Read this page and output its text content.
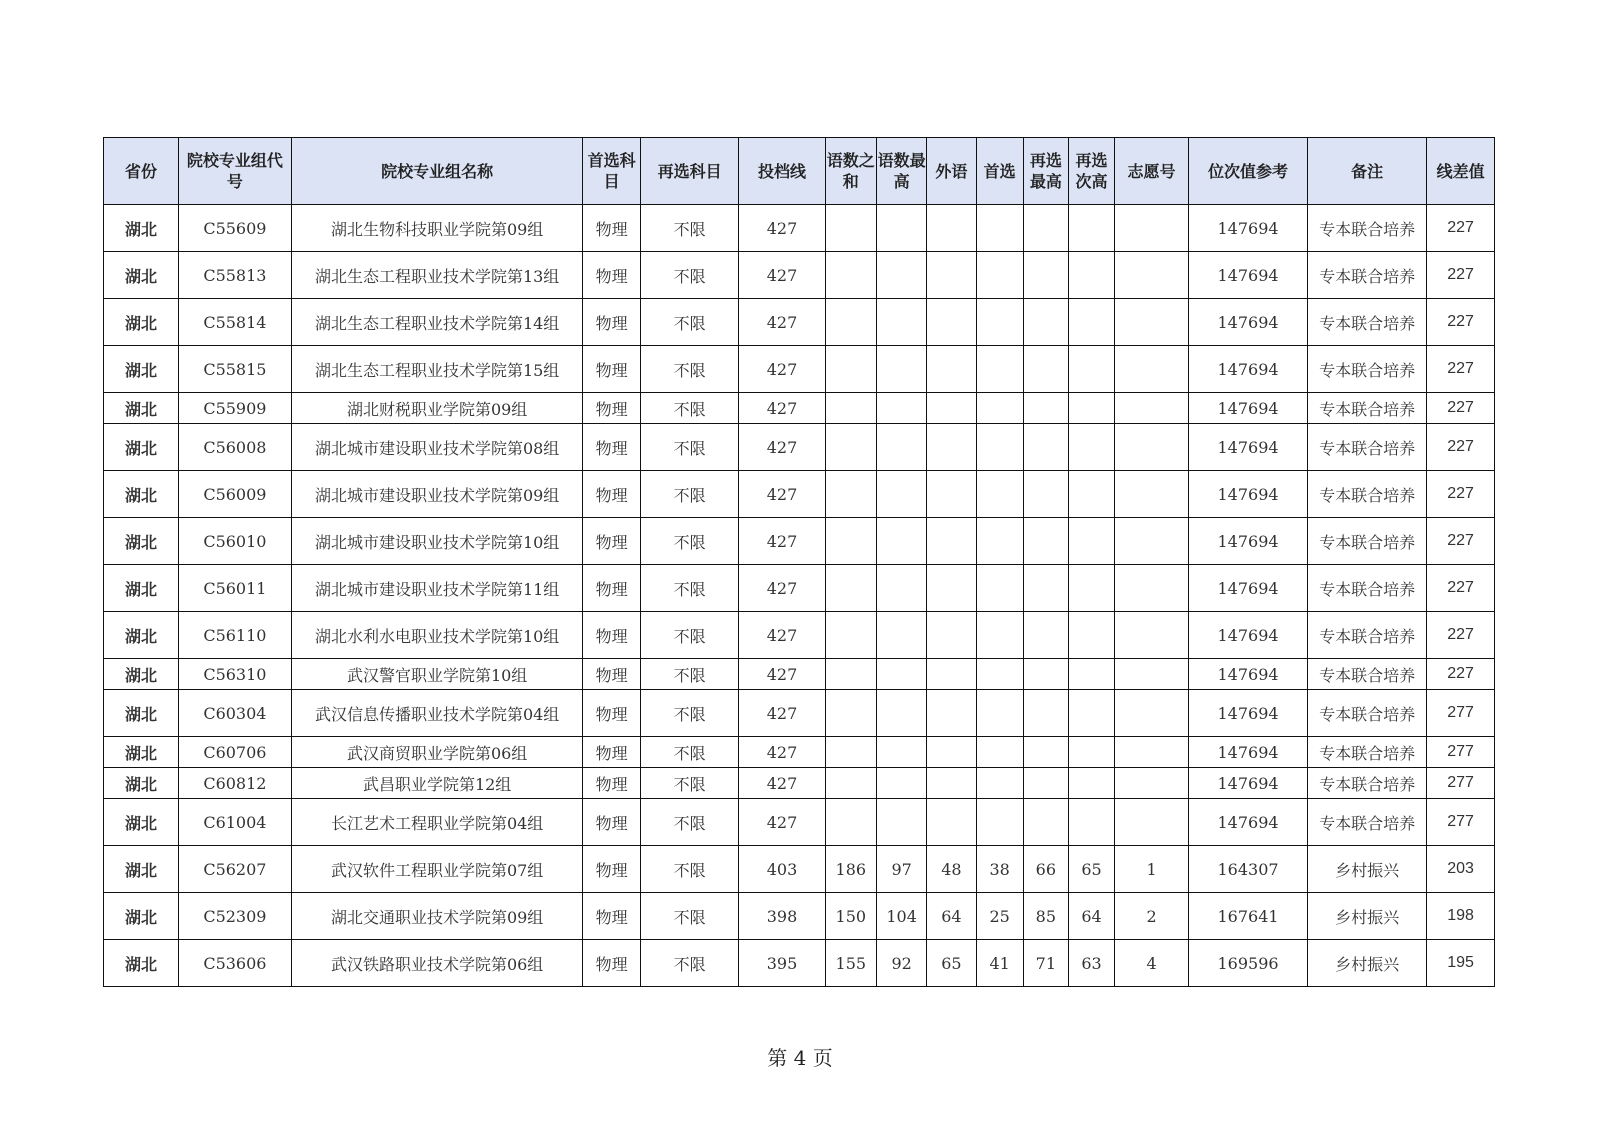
省份	院校专业组代号	院校专业组名称	首选科目	再选科目	投档线	语数之和	语数最高	外语	首选	再选最高	再选次高	志愿号	位次值参考	备注	线差值
湖北	C55609	湖北生物科技职业学院第09组	物理	不限	427								147694	专本联合培养	227
湖北	C55813	湖北生态工程职业技术学院第13组	物理	不限	427								147694	专本联合培养	227
湖北	C55814	湖北生态工程职业技术学院第14组	物理	不限	427								147694	专本联合培养	227
湖北	C55815	湖北生态工程职业技术学院第15组	物理	不限	427								147694	专本联合培养	227
湖北	C55909	湖北财税职业学院第09组	物理	不限	427								147694	专本联合培养	227
湖北	C56008	湖北城市建设职业技术学院第08组	物理	不限	427								147694	专本联合培养	227
湖北	C56009	湖北城市建设职业技术学院第09组	物理	不限	427								147694	专本联合培养	227
湖北	C56010	湖北城市建设职业技术学院第10组	物理	不限	427								147694	专本联合培养	227
湖北	C56011	湖北城市建设职业技术学院第11组	物理	不限	427								147694	专本联合培养	227
湖北	C56110	湖北水利水电职业技术学院第10组	物理	不限	427								147694	专本联合培养	227
湖北	C56310	武汉警官职业学院第10组	物理	不限	427								147694	专本联合培养	227
湖北	C60304	武汉信息传播职业技术学院第04组	物理	不限	427								147694	专本联合培养	277
湖北	C60706	武汉商贸职业学院第06组	物理	不限	427								147694	专本联合培养	277
湖北	C60812	武昌职业学院第12组	物理	不限	427								147694	专本联合培养	277
湖北	C61004	长江艺术工程职业学院第04组	物理	不限	427								147694	专本联合培养	277
湖北	C56207	武汉软件工程职业学院第07组	物理	不限	403	186	97	48	38	66	65	1	164307	乡村振兴	203
湖北	C52309	湖北交通职业技术学院第09组	物理	不限	398	150	104	64	25	85	64	2	167641	乡村振兴	198
湖北	C53606	武汉铁路职业技术学院第06组	物理	不限	395	155	92	65	41	71	63	4	169596	乡村振兴	195
第 4 页
